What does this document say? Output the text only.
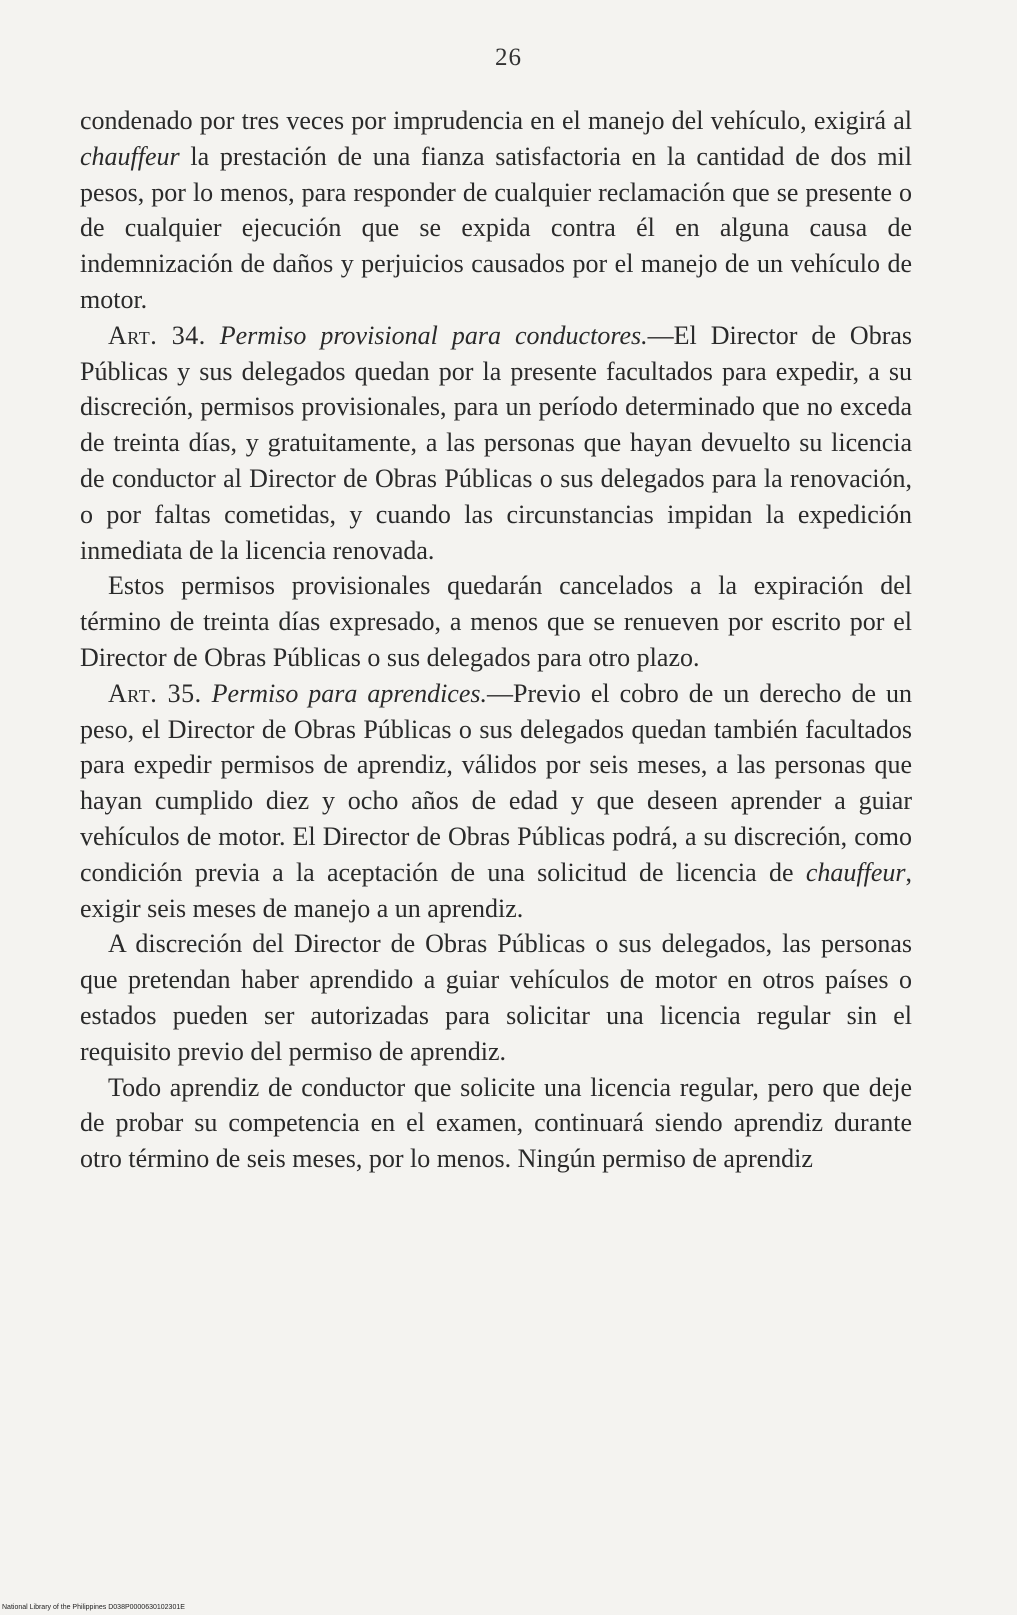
26

condenado por tres veces por imprudencia en el manejo del vehículo, exigirá al chauffeur la prestación de una fianza satisfactoria en la cantidad de dos mil pesos, por lo menos, para responder de cualquier reclamación que se presente o de cualquier ejecución que se expida contra él en alguna causa de indemnización de daños y perjuicios causados por el manejo de un vehículo de motor.

Art. 34. Permiso provisional para conductores.—El Director de Obras Públicas y sus delegados quedan por la presente facultados para expedir, a su discreción, permisos provisionales, para un período determinado que no exceda de treinta días, y gratuitamente, a las personas que hayan devuelto su licencia de conductor al Director de Obras Públicas o sus delegados para la renovación, o por faltas cometidas, y cuando las circunstancias impidan la expedición inmediata de la licencia renovada.

Estos permisos provisionales quedarán cancelados a la expiración del término de treinta días expresado, a menos que se renueven por escrito por el Director de Obras Públicas o sus delegados para otro plazo.

Art. 35. Permiso para aprendices.—Previo el cobro de un derecho de un peso, el Director de Obras Públicas o sus delegados quedan también facultados para expedir permisos de aprendiz, válidos por seis meses, a las personas que hayan cumplido diez y ocho años de edad y que deseen aprender a guiar vehículos de motor. El Director de Obras Públicas podrá, a su discreción, como condición previa a la aceptación de una solicitud de licencia de chauffeur, exigir seis meses de manejo a un aprendiz.

A discreción del Director de Obras Públicas o sus delegados, las personas que pretendan haber aprendido a guiar vehículos de motor en otros países o estados pueden ser autorizadas para solicitar una licencia regular sin el requisito previo del permiso de aprendiz.

Todo aprendiz de conductor que solicite una licencia regular, pero que deje de probar su competencia en el examen, continuará siendo aprendiz durante otro término de seis meses, por lo menos. Ningún permiso de aprendiz

National Library of the Philippines D038P0000630102301E
